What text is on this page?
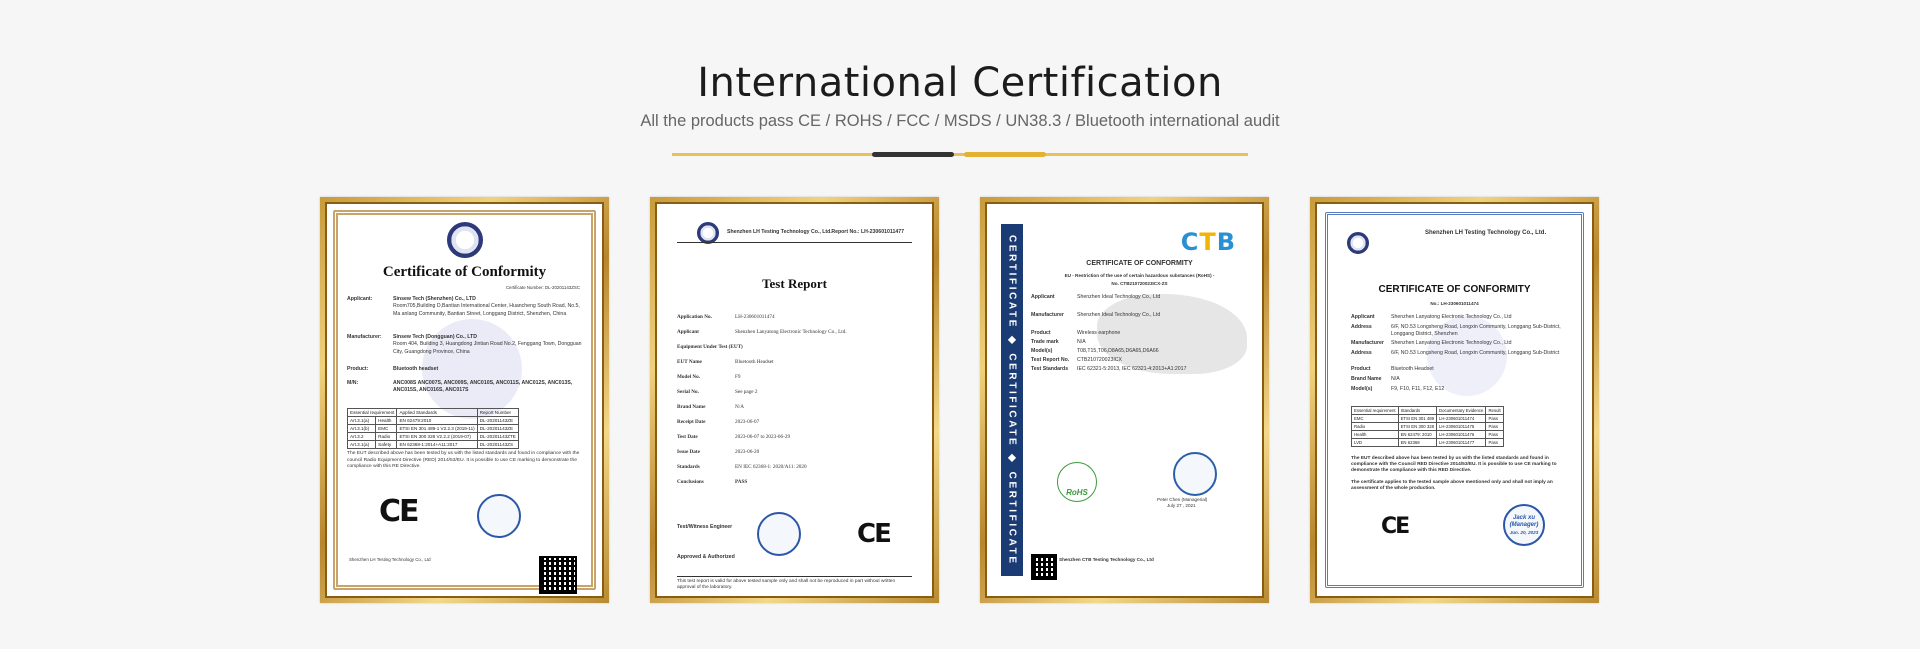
International Certification
All the products pass CE / ROHS / FCC / MSDS / UN38.3 / Bluetooth international audit
Certificate of Conformity
Certificate Number: DL-20201143ZSC
Applicant:	Sinsew Tech (Shenzhen) Co., LTD
Room705,Building D,Bantian International Center, Huancheng South Road, No.5, Ma anlang Community, Bantian Street, Longgang District, Shenzhen, China
Manufacturer: Sinsew Tech (Dongguan) Co., LTD
Room 404, Building 3, Huangdong Jintian Road No.2, Fenggang Town, Dongguan City, Guangdong Province, China
Product:	Bluetooth headset
M/N:	ANC008S ANC007S, ANC009S, ANC010S, ANC011S, ANC012S, ANC013S, ANC015S, ANC016S, ANC017S
Essential requirement		Applied Standards	Report Number
Art.3.1(a)	Health	EN 62479:2010	DL-20201143ZE
Art.3.1(b)	EMC	ETSI EN 301 489-1 V2.2.3 (2019-11)	DL-20201143ZE
Art.3.2	Radio	ETSI EN 300 328 V2.2.2 (2019-07)	DL-20201143ZTE
Art.3.1(a)	Safety	EN 62368-1:2014+A11:2017	DL-20201143ZS
The EUT described above has been tested by us with the listed standards and found in compliance with the council Radio Equipment Directive (RED) 2014/53/EU. It is possible to use CE marking to demonstrate the compliance with this RE Directive.
CE
Shenzhen LH Testing Technology Co., Ltd
Shenzhen LH Testing Technology Co., Ltd. Report No.: LH-230601011477
Test Report
Application No.	LH-230601011474
Applicant	Shenzhen Lanyatong Electronic Technology Co., Ltd.
Equipment Under Test (EUT)
EUT Name	Bluetooth Headset
Model No.	F9
Serial No.	See page 2
Brand Name	N/A
Receipt Date	2023-06-07
Test Date	2023-06-07 to 2023-06-29
Issue Date	2023-06-20
Standards	EN IEC 62368-1: 2020/A11: 2020
Conclusions	PASS
Test/Witness Engineer
Approved & Authorized
CE
This test report is valid for above tested sample only and shall not be reproduced in part without written approval of the laboratory.
CERTIFICATE ◆ CERTIFICATE ◆ CERTIFICATE	CTB
CERTIFICATE OF CONFORMITY
EU - Restriction of the use of certain hazardous substances (RoHS) -
No. CTB210720023ICX-ZS
Applicant	Shenzhen Ideal Technology Co., Ltd
Manufacturer	Shenzhen Ideal Technology Co., Ltd
Product	Wireless earphone
Trade mark	N/A
Model(s)	T08,T15,T06,D8A65,D6A65,D6A66
Test Report No. CTB210720023ICX
Test Standards IEC 62321-5:2013, IEC 62321-4:2013+A1:2017
RoHS
Peter Chen (Managerial)
July 27 , 2021
Shenzhen CTB Testing Technology Co., Ltd
Shenzhen LH Testing Technology Co., Ltd.
CERTIFICATE OF CONFORMITY
No.: LH-230601011474
Applicant	Shenzhen Lanyatong Electronic Technology Co., Ltd
Address	6/F, NO.53 Longsheng Road, Longxin Community, Longgang Sub-District, Longgang District, Shenzhen
Manufacturer Shenzhen Lanyatong Electronic Technology Co., Ltd
Address	6/F, NO.53 Longsheng Road, Longxin Community, Longgang Sub-District
Product	Bluetooth Headset
Brand Name N/A
Model(s)	F9, F10, F11, F12, E12
Essential requirement	Standards	Documentary Evidence	Result
EMC	ETSI EN 301 489	LH-230601011474	Pass
Radio	ETSI EN 300 328	LH-230601011475	Pass
Health	EN 62479: 2010	LH-230601011476	Pass
LVD	EN 62368	LH-230601011477	Pass
The EUT described above has been tested by us with the listed standards and found in compliance with the Council RED Directive 2014/53/EU. It is possible to use CE marking to demonstrate the compliance with this RED Directive.
The certificate applies to the tested sample above mentioned only and shall not imply an assessment of the whole production.
CE	Jack xu
(Manager)
Jun. 20, 2023
